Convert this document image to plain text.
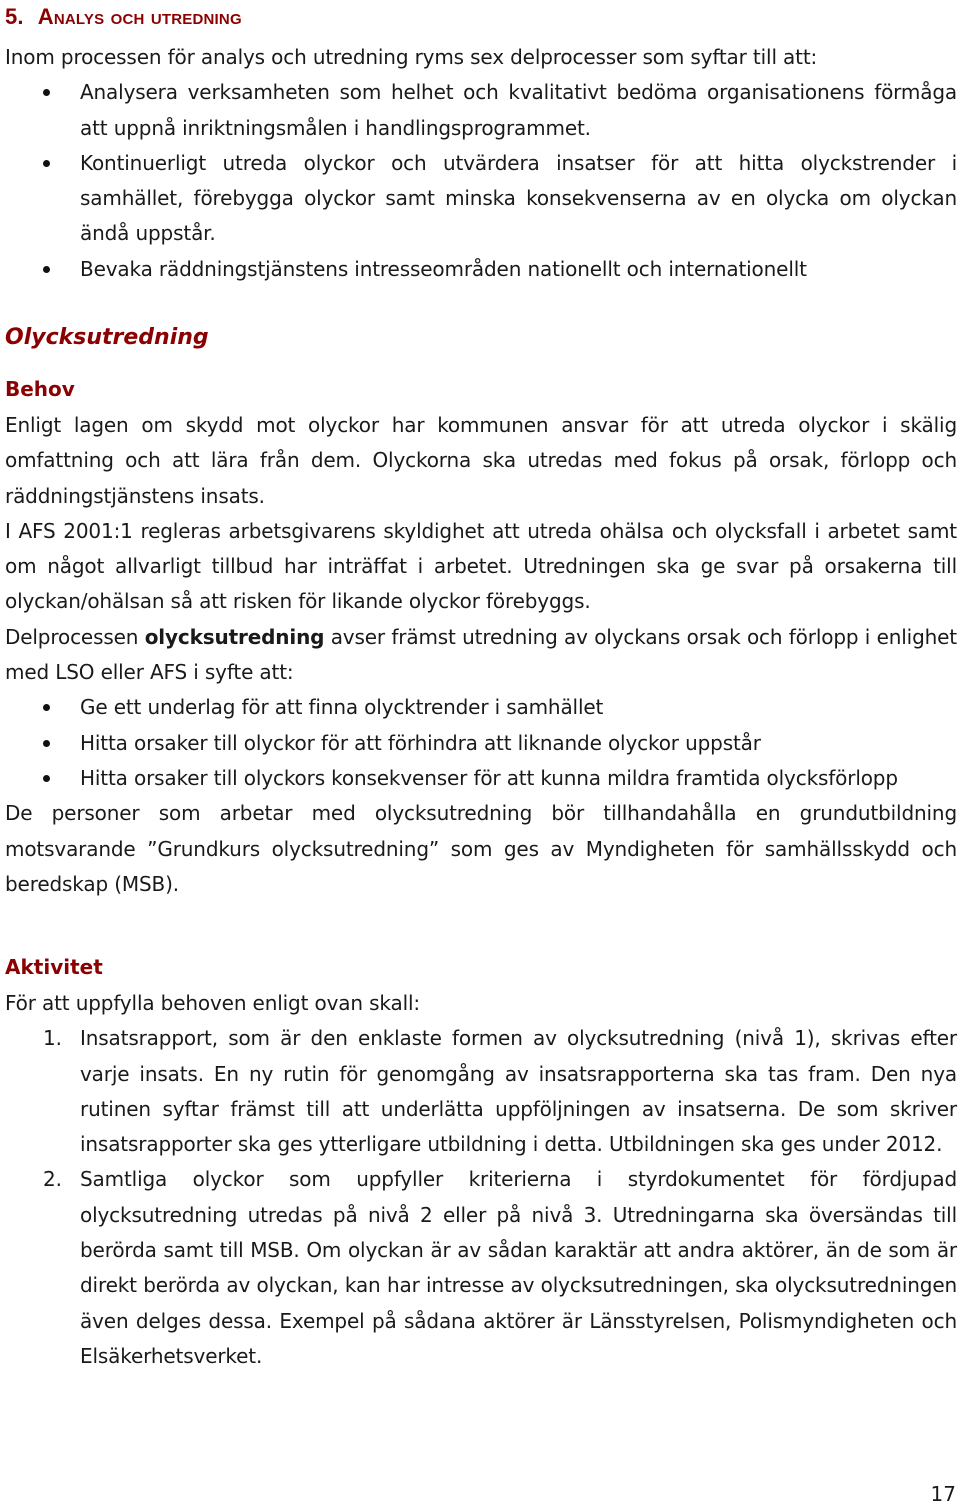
5. Analys och utredning

Inom processen för analys och utredning ryms sex delprocesser som syftar till att:

Analysera verksamheten som helhet och kvalitativt bedöma organisationens förmåga att uppnå inriktningsmålen i handlingsprogrammet.
Kontinuerligt utreda olyckor och utvärdera insatser för att hitta olyckstrender i samhället, förebygga olyckor samt minska konsekvenserna av en olycka om olyckan ändå uppstår.
Bevaka räddningstjänstens intresseområden nationellt och internationellt
Olycksutredning
Behov

Enligt lagen om skydd mot olyckor har kommunen ansvar för att utreda olyckor i skälig omfattning och att lära från dem. Olyckorna ska utredas med fokus på orsak, förlopp och räddningstjänstens insats.

I AFS 2001:1 regleras arbetsgivarens skyldighet att utreda ohälsa och olycksfall i arbetet samt om något allvarligt tillbud har inträffat i arbetet. Utredningen ska ge svar på orsakerna till olyckan/ohälsan så att risken för likande olyckor förebyggs.

Delprocessen olycksutredning avser främst utredning av olyckans orsak och förlopp i enlighet med LSO eller AFS i syfte att:

Ge ett underlag för att finna olycktrender i samhället
Hitta orsaker till olyckor för att förhindra att liknande olyckor uppstår
Hitta orsaker till olyckors konsekvenser för att kunna mildra framtida olycksförlopp

De personer som arbetar med olycksutredning bör tillhandahålla en grundutbildning motsvarande ”Grundkurs olycksutredning” som ges av Myndigheten för samhällsskydd och beredskap (MSB).

Aktivitet

För att uppfylla behoven enligt ovan skall:

1. Insatsrapport, som är den enklaste formen av olycksutredning (nivå 1), skrivas efter varje insats. En ny rutin för genomgång av insatsrapporterna ska tas fram. Den nya rutinen syftar främst till att underlätta uppföljningen av insatserna. De som skriver insatsrapporter ska ges ytterligare utbildning i detta. Utbildningen ska ges under 2012.
2. Samtliga olyckor som uppfyller kriterierna i styrdokumentet för fördjupad olycksutredning utredas på nivå 2 eller på nivå 3. Utredningarna ska översändas till berörda samt till MSB. Om olyckan är av sådan karaktär att andra aktörer, än de som är direkt berörda av olyckan, kan har intresse av olycksutredningen, ska olycksutredningen även delges dessa. Exempel på sådana aktörer är Länsstyrelsen, Polismyndigheten och Elsäkerhetsverket.
17
